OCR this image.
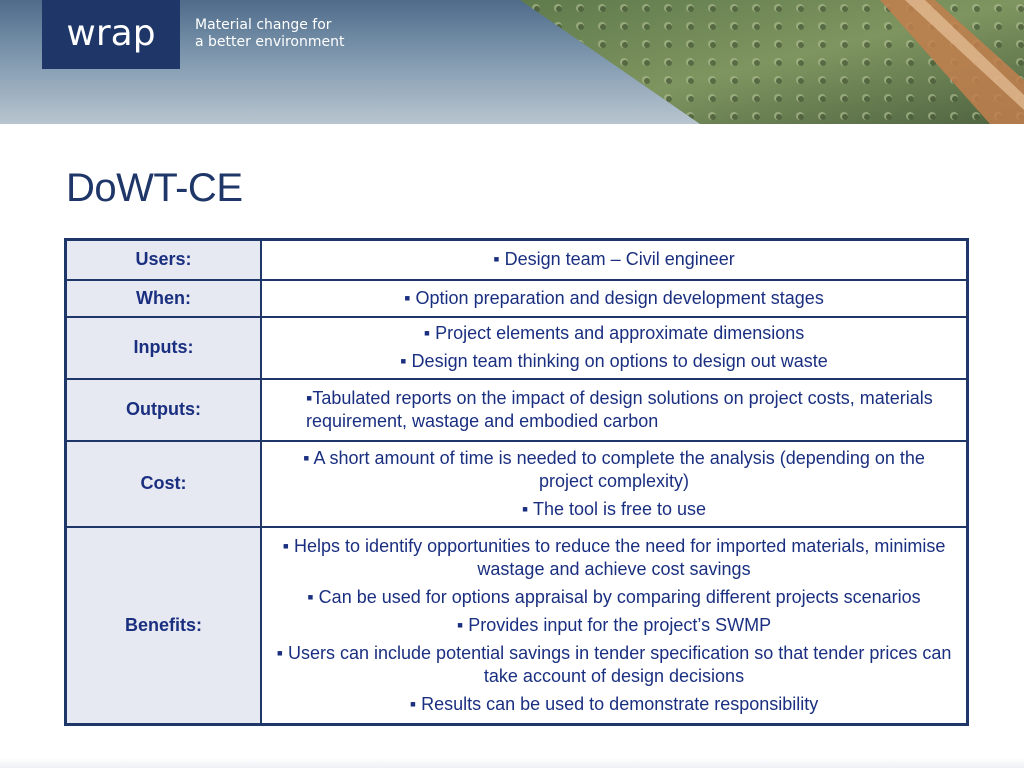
wrap	Material change for
a better environment
DoWT-CE
Users:	▪ Design team – Civil engineer

When:	▪ Option preparation and design development stages

Inputs:	▪ Project elements and approximate dimensions

▪ Design team thinking on options to design out waste

Outputs:	▪Tabulated reports on the impact of design solutions on project costs, materials requirement, wastage and embodied carbon

Cost:	▪ A short amount of time is needed to complete the analysis (depending on the project complexity)

▪ The tool is free to use

Benefits:	▪ Helps to identify opportunities to reduce the need for imported materials, minimise wastage and achieve cost savings

▪ Can be used for options appraisal by comparing different projects scenarios

▪ Provides input for the project’s SWMP

▪ Users can include potential savings in tender specification so that tender prices can take account of design decisions

▪ Results can be used to demonstrate responsibility
